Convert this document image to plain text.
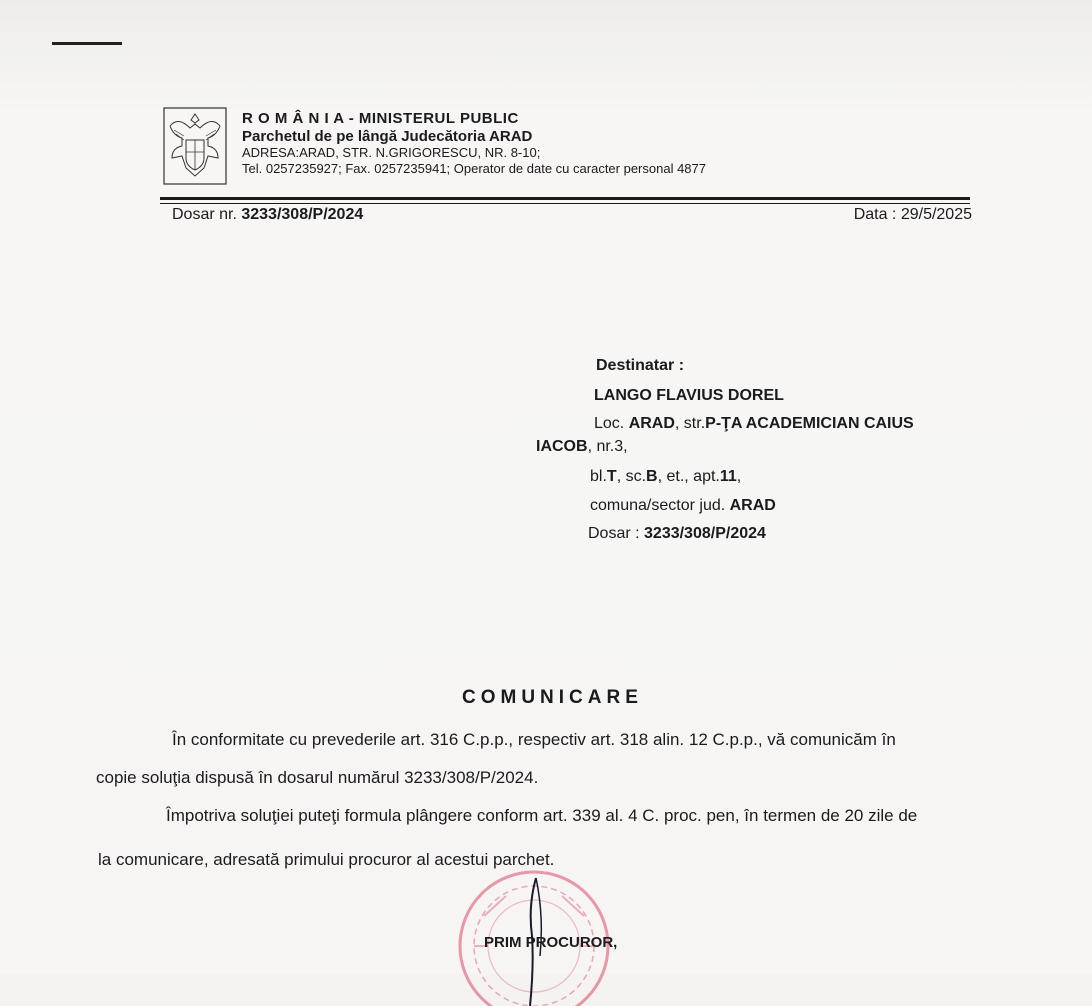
R O M Â N I A - MINISTERUL PUBLIC
Parchetul de pe lângă Judecătoria ARAD
ADRESA:ARAD, STR. N.GRIGORESCU, NR. 8-10;
Tel. 0257235927; Fax. 0257235941; Operator de date cu caracter personal 4877
Dosar nr. 3233/308/P/2024	Data : 29/5/2025
Destinatar :
LANGO FLAVIUS DOREL
Loc. ARAD, str.P-ŢA ACADEMICIAN CAIUS
IACOB, nr.3,
bl.T, sc.B, et., apt.11,
comuna/sector jud. ARAD
Dosar : 3233/308/P/2024
COMUNICARE
În conformitate cu prevederile art. 316 C.p.p., respectiv art. 318 alin. 12 C.p.p., vă comunicăm în
copie soluţia dispusă în dosarul numărul 3233/308/P/2024.
Împotriva soluţiei puteţi formula plângere conform art. 339 al. 4 C. proc. pen, în termen de 20 zile de
la comunicare, adresată primului procuror al acestui parchet.
PRIM PROCUROR,
